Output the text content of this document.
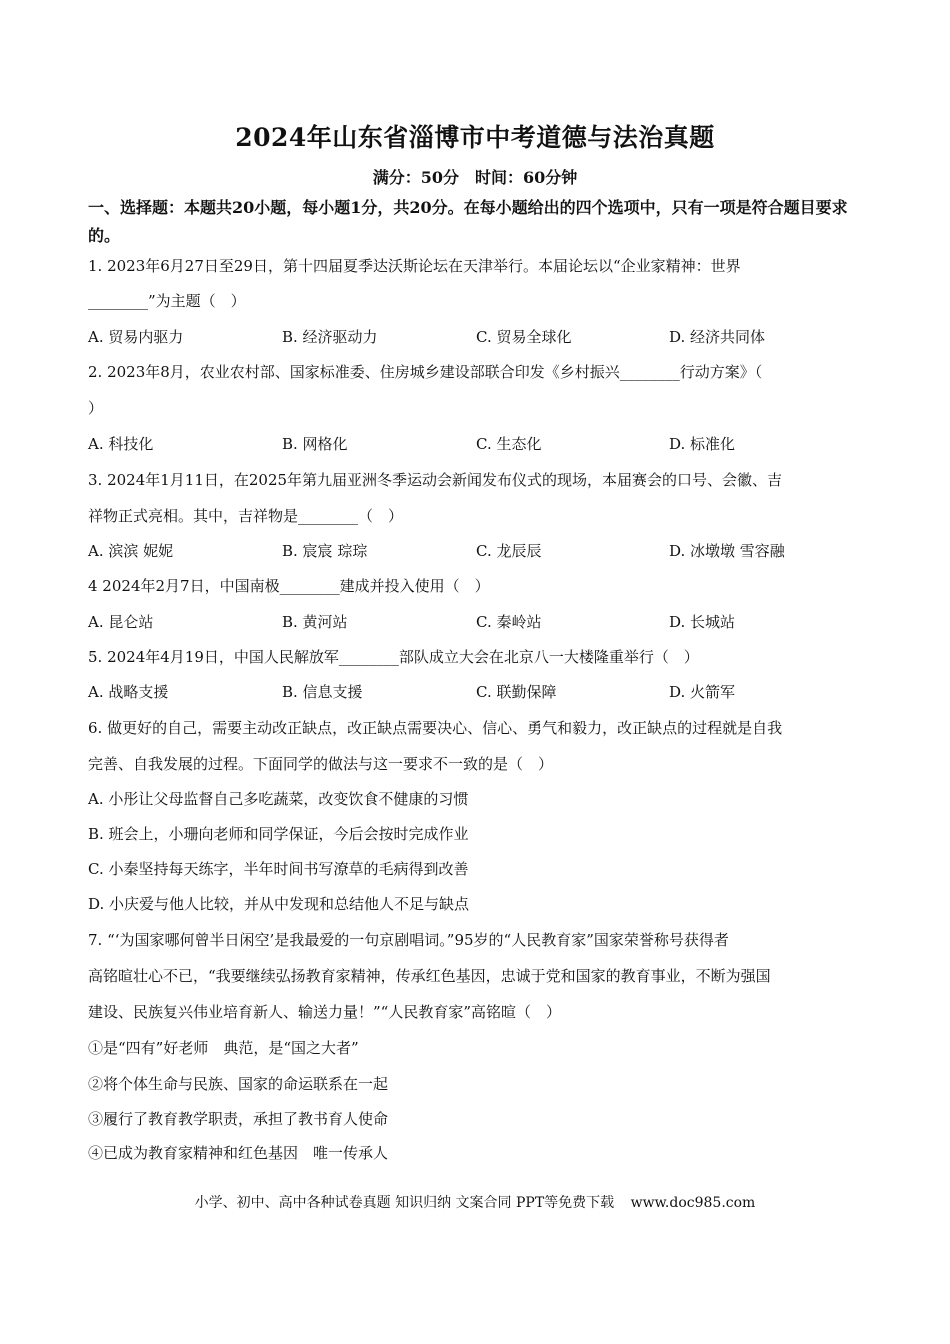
2024年山东省淄博市中考道德与法治真题
满分：50分　时间：60分钟
一、选择题：本题共20小题，每小题1分，共20分。在每小题给出的四个选项中，只有一项是符合题目要求的。
1. 2023年6月27日至29日，第十四届夏季达沃斯论坛在天津举行。本届论坛以“企业家精神：世界
________”为主题（　）
A. 贸易内驱力	B. 经济驱动力	C. 贸易全球化	D. 经济共同体
2. 2023年8月，农业农村部、国家标准委、住房城乡建设部联合印发《乡村振兴________行动方案》（
）
A. 科技化	B. 网格化	C. 生态化	D. 标准化
3. 2024年1月11日，在2025年第九届亚洲冬季运动会新闻发布仪式的现场，本届赛会的口号、会徽、吉
祥物正式亮相。其中，吉祥物是________（　）
A. 滨滨 妮妮	B. 宸宸 琮琮	C. 龙辰辰	D. 冰墩墩 雪容融
4 2024年2月7日，中国南极________建成并投入使用（　）
A. 昆仑站	B. 黄河站	C. 秦岭站	D. 长城站
5. 2024年4月19日，中国人民解放军________部队成立大会在北京八一大楼隆重举行（　）
A. 战略支援	B. 信息支援	C. 联勤保障	D. 火箭军
6. 做更好的自己，需要主动改正缺点，改正缺点需要决心、信心、勇气和毅力，改正缺点的过程就是自我
完善、自我发展的过程。下面同学的做法与这一要求不一致的是（　）
A. 小彤让父母监督自己多吃蔬菜，改变饮食不健康的习惯
B. 班会上，小珊向老师和同学保证，今后会按时完成作业
C. 小秦坚持每天练字，半年时间书写潦草的毛病得到改善
D. 小庆爱与他人比较，并从中发现和总结他人不足与缺点
7. “‘为国家哪何曾半日闲空’是我最爱的一句京剧唱词。”95岁的“人民教育家”国家荣誉称号获得者
高铭暄壮心不已，“我要继续弘扬教育家精神，传承红色基因，忠诚于党和国家的教育事业，不断为强国
建设、民族复兴伟业培育新人、输送力量！”“人民教育家”高铭暄（　）
①是“四有”好老师　典范，是“国之大者”
②将个体生命与民族、国家的命运联系在一起
③履行了教育教学职责，承担了教书育人使命
④已成为教育家精神和红色基因　唯一传承人
小学、初中、高中各种试卷真题 知识归纳 文案合同 PPT等免费下载 www.doc985.com
